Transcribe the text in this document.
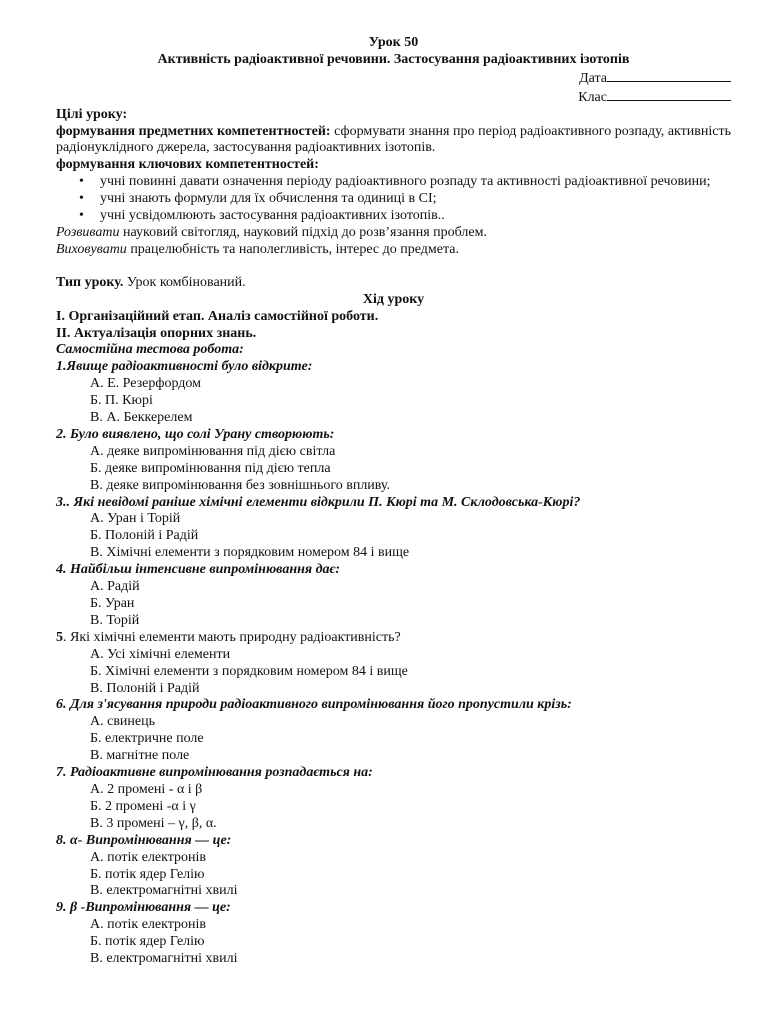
Урок 50
Активність радіоактивної речовини. Застосування радіоактивних ізотопів
Дата
Клас
Цілі уроку:
формування предметних компетентностей: сформувати знання про період радіоактивного розпаду, активність радіонуклідного джерела, застосування радіоактивних ізотопів.
формування ключових компетентностей:
• учні повинні давати означення періоду радіоактивного розпаду та активності радіоактивної речовини;
• учні знають формули для їх обчислення та одиниці в СІ;
• учні усвідомлюють застосування радіоактивних ізотопів..
Розвивати науковий світогляд, науковий підхід до розв’язання проблем.
Виховувати працелюбність та наполегливість, інтерес до предмета.
Тип уроку. Урок комбінований.
Хід уроку
І. Організаційний етап. Аналіз самостійної роботи.
ІІ. Актуалізація опорних знань.
Самостійна тестова робота:
1.Явище радіоактивності було відкрите:
А. Е. Резерфордом
Б. П. Кюрі
В. А. Беккерелем
2. Було виявлено, що солі Урану створюють:
А. деяке випромінювання під дією світла
Б. деяке випромінювання під дією тепла
В. деяке випромінювання без зовнішнього впливу.
3.. Які невідомі раніше хімічні елементи відкрили П. Кюрі та М. Склодовська-Кюрі?
А. Уран і Торій
Б. Полоній і Радій
В. Хімічні елементи з порядковим номером 84 і вище
4. Найбільш інтенсивне випромінювання дає:
А. Радій
Б. Уран
В. Торій
5. Які хімічні елементи мають природну радіоактивність?
А. Усі хімічні елементи
Б. Хімічні елементи з порядковим номером 84 і вище
В. Полоній і Радій
6. Для з'ясування природи радіоактивного випромінювання його пропустили крізь:
А. свинець
Б. електричне поле
В. магнітне поле
7. Радіоактивне випромінювання розпадається на:
А. 2 промені - α і β
Б. 2 промені -α і γ
В. 3 промені – γ, β, α.
8. α- Випромінювання — це:
А. потік електронів
Б. потік ядер Гелію
В. електромагнітні хвилі
9. β -Випромінювання — це:
А. потік електронів
Б. потік ядер Гелію
В. електромагнітні хвилі
